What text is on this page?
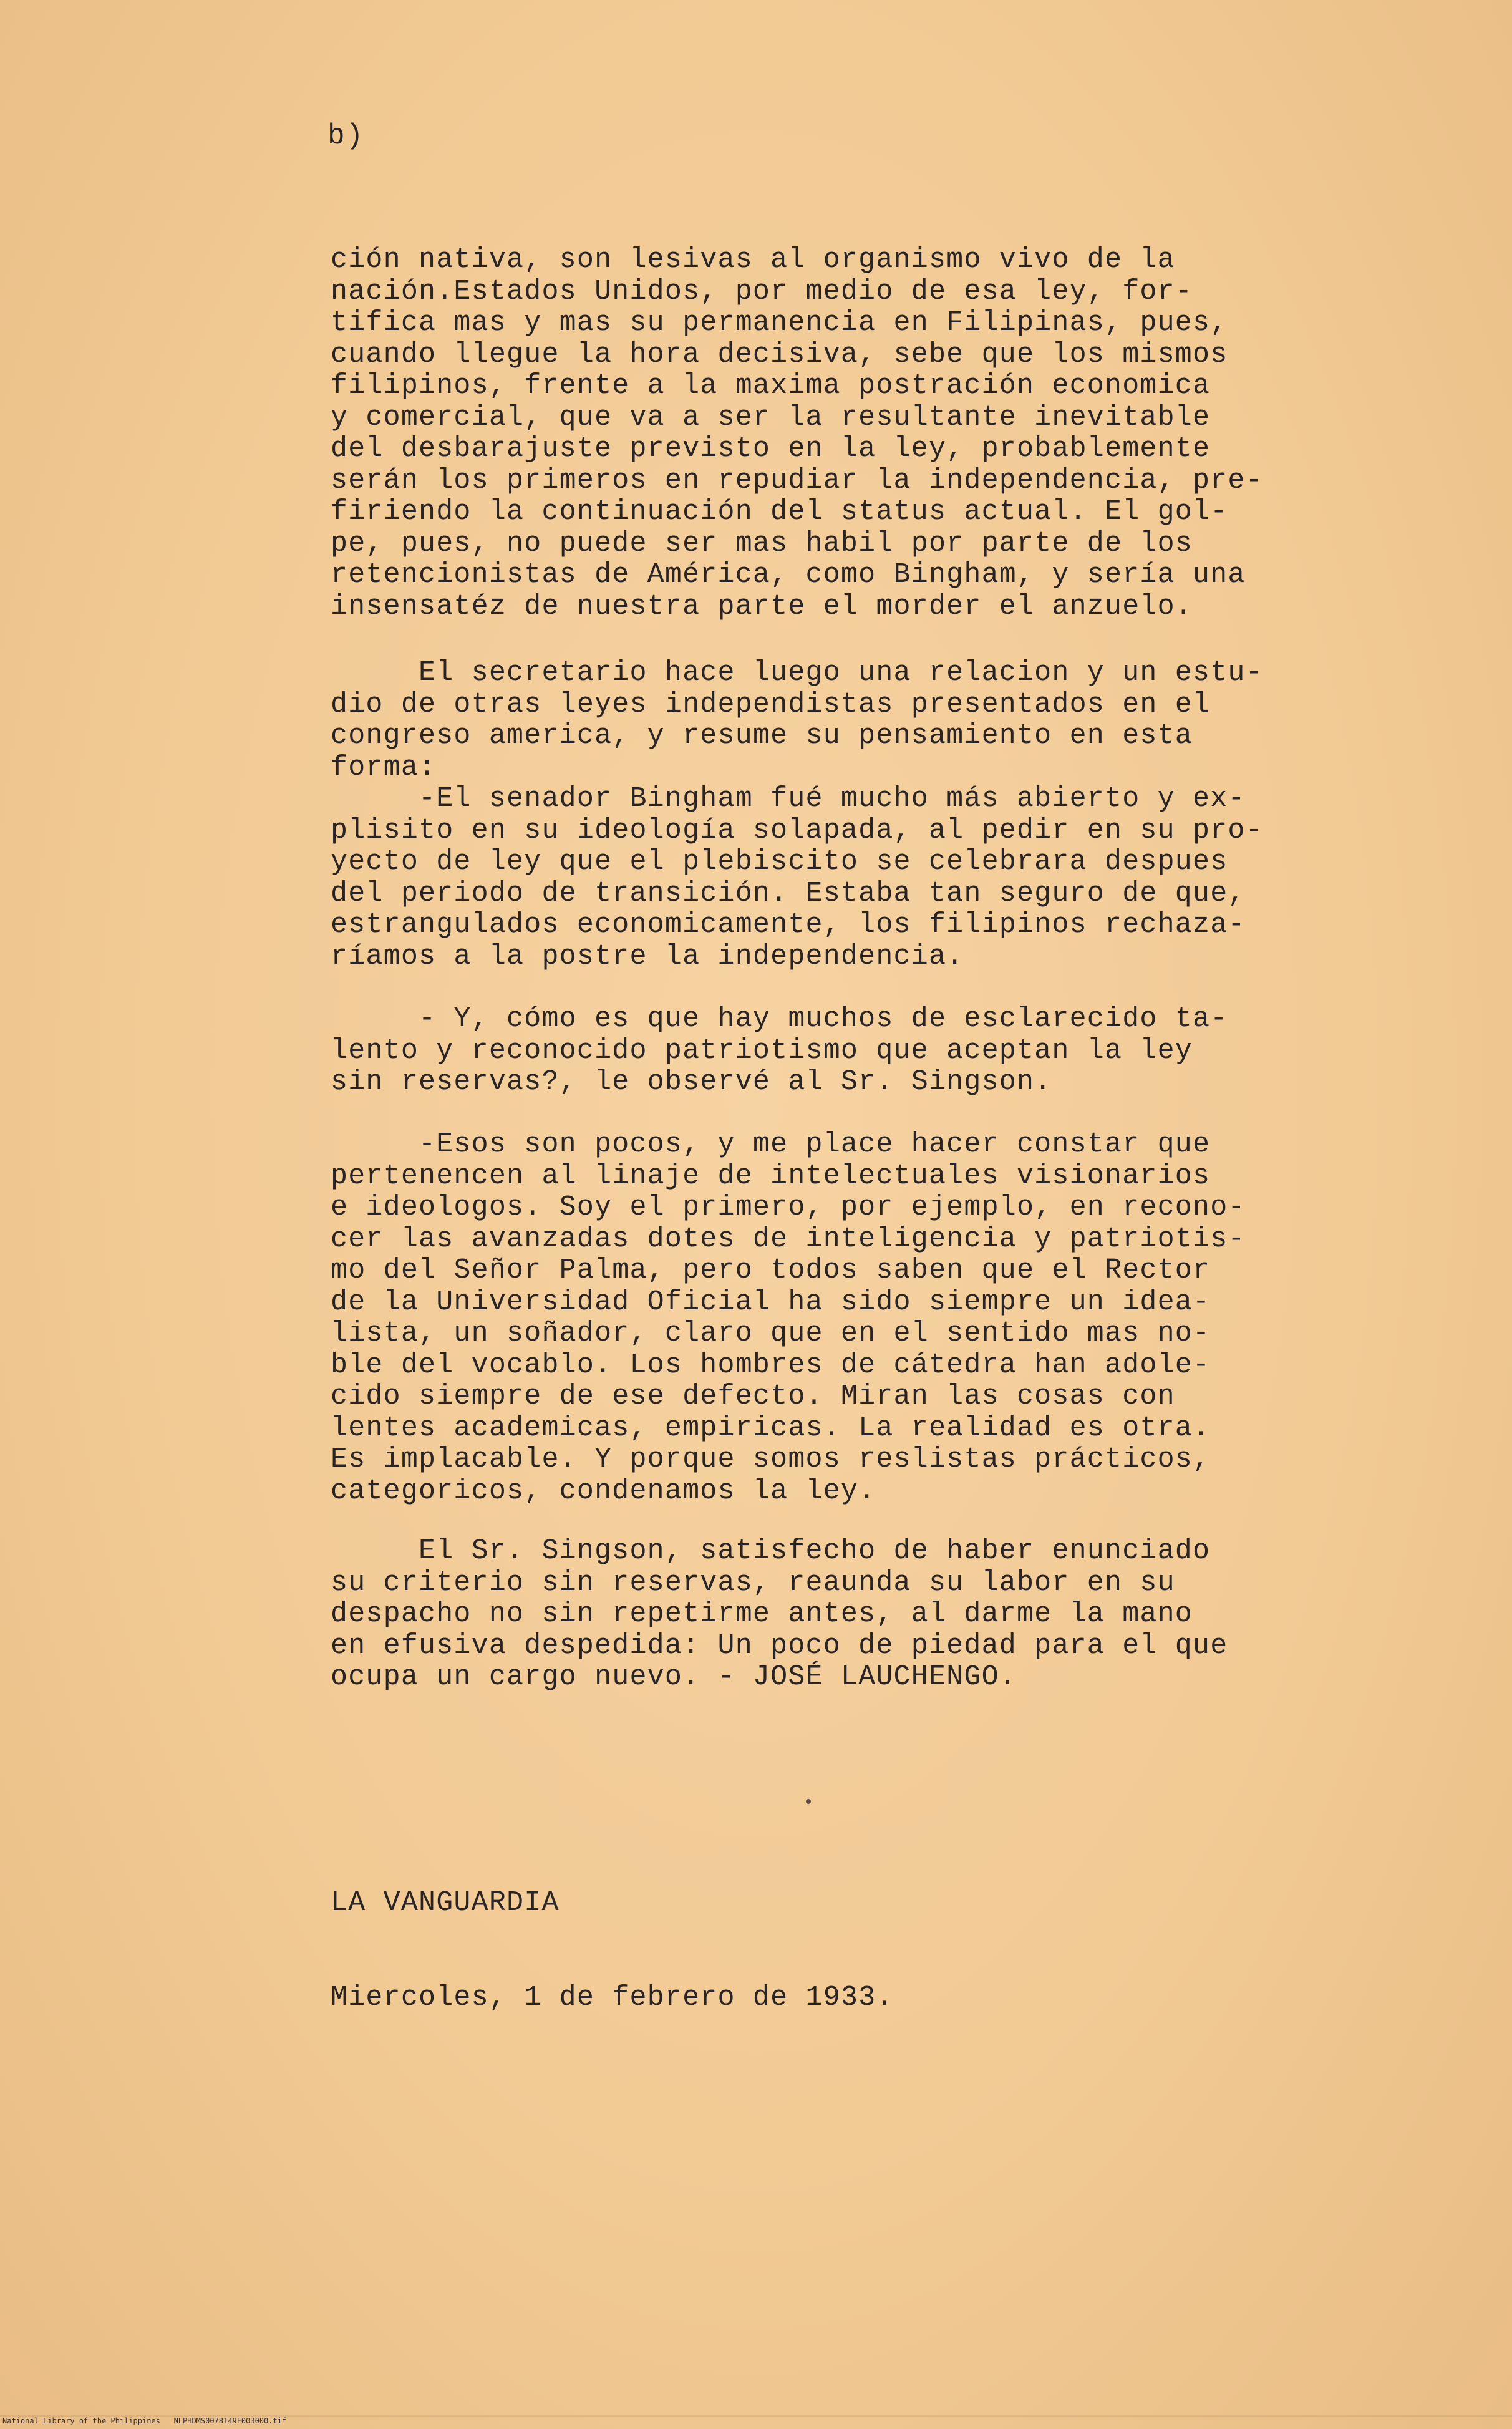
b)
ción nativa, son lesivas al organismo vivo de la
nación.Estados Unidos, por medio de esa ley, for-
tifica mas y mas su permanencia en Filipinas, pues,
cuando llegue la hora decisiva, sebe que los mismos
filipinos, frente a la maxima postración economica
y comercial, que va a ser la resultante inevitable
del desbarajuste previsto en la ley, probablemente
serán los primeros en repudiar la independencia, pre-
firiendo la continuación del status actual. El gol-
pe, pues, no puede ser mas habil por parte de los
retencionistas de América, como Bingham, y sería una
insensatéz de nuestra parte el morder el anzuelo.
El secretario hace luego una relacion y un estu-
dio de otras leyes independistas presentados en el
congreso america, y resume su pensamiento en esta
forma:
-El senador Bingham fué mucho más abierto y ex-
plisito en su ideología solapada, al pedir en su pro-
yecto de ley que el plebiscito se celebrara despues
del periodo de transición. Estaba tan seguro de que,
estrangulados economicamente, los filipinos rechaza-
ríamos a la postre la independencia.
- Y, cómo es que hay muchos de esclarecido ta-
lento y reconocido patriotismo que aceptan la ley
sin reservas?, le observé al Sr. Singson.
-Esos son pocos, y me place hacer constar que
pertenencen al linaje de intelectuales visionarios
e ideologos. Soy el primero, por ejemplo, en recono-
cer las avanzadas dotes de inteligencia y patriotis-
mo del Señor Palma, pero todos saben que el Rector
de la Universidad Oficial ha sido siempre un idea-
lista, un soñador, claro que en el sentido mas no-
ble del vocablo. Los hombres de cátedra han adole-
cido siempre de ese defecto. Miran las cosas con
lentes academicas, empiricas. La realidad es otra.
Es implacable. Y porque somos reslistas prácticos,
categoricos, condenamos la ley.
El Sr. Singson, satisfecho de haber enunciado
su criterio sin reservas, reaunda su labor en su
despacho no sin repetirme antes, al darme la mano
en efusiva despedida: Un poco de piedad para el que
ocupa un cargo nuevo. - JOSÉ LAUCHENGO.

LA VANGUARDIA

Miercoles, 1 de febrero de 1933.

National Library of the Philippines NLPHDMS0078149F003000.tif
